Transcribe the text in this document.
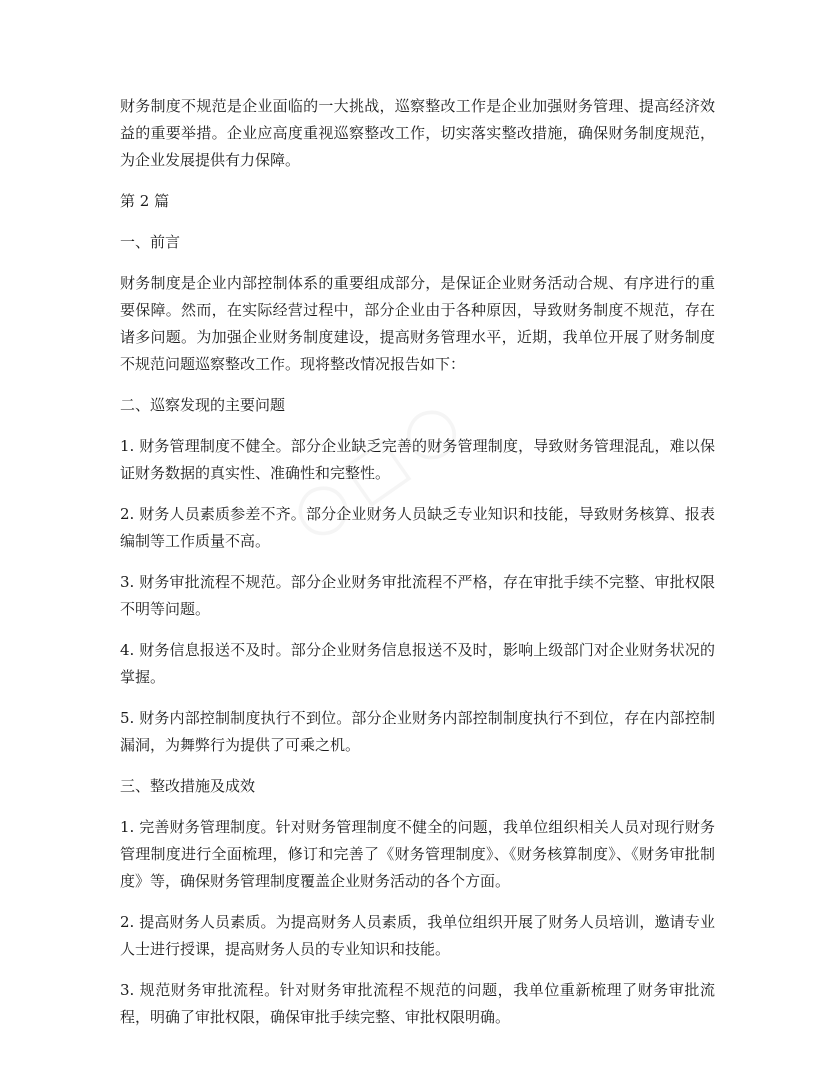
财务制度不规范是企业面临的一大挑战，巡察整改工作是企业加强财务管理、提高经济效益的重要举措。企业应高度重视巡察整改工作，切实落实整改措施，确保财务制度规范，为企业发展提供有力保障。

第 2 篇

一、前言

财务制度是企业内部控制体系的重要组成部分，是保证企业财务活动合规、有序进行的重要保障。然而，在实际经营过程中，部分企业由于各种原因，导致财务制度不规范，存在诸多问题。为加强企业财务制度建设，提高财务管理水平，近期，我单位开展了财务制度不规范问题巡察整改工作。现将整改情况报告如下：

二、巡察发现的主要问题

1. 财务管理制度不健全。部分企业缺乏完善的财务管理制度，导致财务管理混乱，难以保证财务数据的真实性、准确性和完整性。

2. 财务人员素质参差不齐。部分企业财务人员缺乏专业知识和技能，导致财务核算、报表编制等工作质量不高。

3. 财务审批流程不规范。部分企业财务审批流程不严格，存在审批手续不完整、审批权限不明等问题。

4. 财务信息报送不及时。部分企业财务信息报送不及时，影响上级部门对企业财务状况的掌握。

5. 财务内部控制制度执行不到位。部分企业财务内部控制制度执行不到位，存在内部控制漏洞，为舞弊行为提供了可乘之机。

三、整改措施及成效

1. 完善财务管理制度。针对财务管理制度不健全的问题，我单位组织相关人员对现行财务管理制度进行全面梳理，修订和完善了《财务管理制度》、《财务核算制度》、《财务审批制度》等，确保财务管理制度覆盖企业财务活动的各个方面。

2. 提高财务人员素质。为提高财务人员素质，我单位组织开展了财务人员培训，邀请专业人士进行授课，提高财务人员的专业知识和技能。

3. 规范财务审批流程。针对财务审批流程不规范的问题，我单位重新梳理了财务审批流程，明确了审批权限，确保审批手续完整、审批权限明确。
